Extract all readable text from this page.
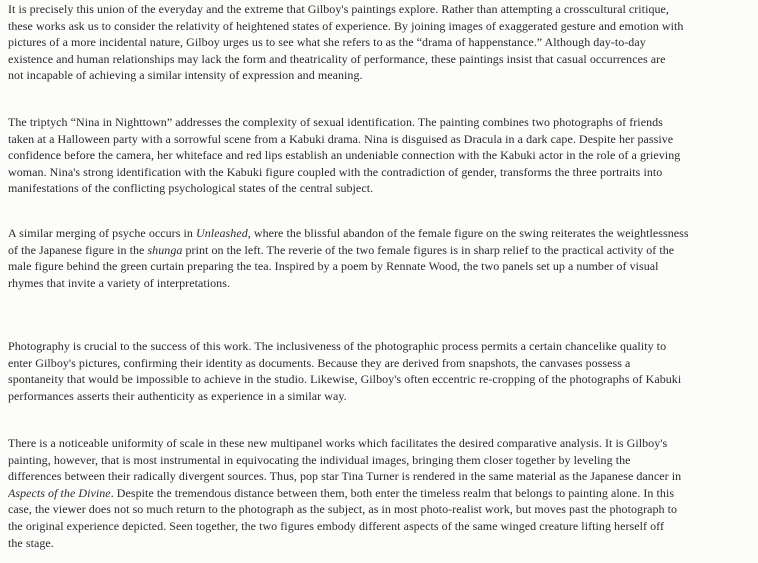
It is precisely this union of the everyday and the extreme that Gilboy's paintings explore. Rather than attempting a crosscultural critique,
these works ask us to consider the relativity of heightened states of experience. By joining images of exaggerated gesture and emotion with
pictures of a more incidental nature, Gilboy urges us to see what she refers to as the “drama of happenstance.” Although day-to-day
existence and human relationships may lack the form and theatricality of performance, these paintings insist that casual occurrences are
not incapable of achieving a similar intensity of expression and meaning.

The triptych “Nina in Nighttown” addresses the complexity of sexual identification. The painting combines two photographs of friends
taken at a Halloween party with a sorrowful scene from a Kabuki drama. Nina is disguised as Dracula in a dark cape. Despite her passive
confidence before the camera, her whiteface and red lips establish an undeniable connection with the Kabuki actor in the role of a grieving
woman. Nina's strong identification with the Kabuki figure coupled with the contradiction of gender, transforms the three portraits into
manifestations of the conflicting psychological states of the central subject.

A similar merging of psyche occurs in Unleashed, where the blissful abandon of the female figure on the swing reiterates the weightlessness
of the Japanese figure in the shunga print on the left. The reverie of the two female figures is in sharp relief to the practical activity of the
male figure behind the green curtain preparing the tea. Inspired by a poem by Rennate Wood, the two panels set up a number of visual
rhymes that invite a variety of interpretations.

Photography is crucial to the success of this work. The inclusiveness of the photographic process permits a certain chancelike quality to
enter Gilboy's pictures, confirming their identity as documents. Because they are derived from snapshots, the canvases possess a
spontaneity that would be impossible to achieve in the studio. Likewise, Gilboy's often eccentric re-cropping of the photographs of Kabuki
performances asserts their authenticity as experience in a similar way.

There is a noticeable uniformity of scale in these new multipanel works which facilitates the desired comparative analysis. It is Gilboy's
painting, however, that is most instrumental in equivocating the individual images, bringing them closer together by leveling the
differences between their radically divergent sources. Thus, pop star Tina Turner is rendered in the same material as the Japanese dancer in
Aspects of the Divine. Despite the tremendous distance between them, both enter the timeless realm that belongs to painting alone. In this
case, the viewer does not so much return to the photograph as the subject, as in most photo-realist work, but moves past the photograph to
the original experience depicted. Seen together, the two figures embody different aspects of the same winged creature lifting herself off
the stage.
